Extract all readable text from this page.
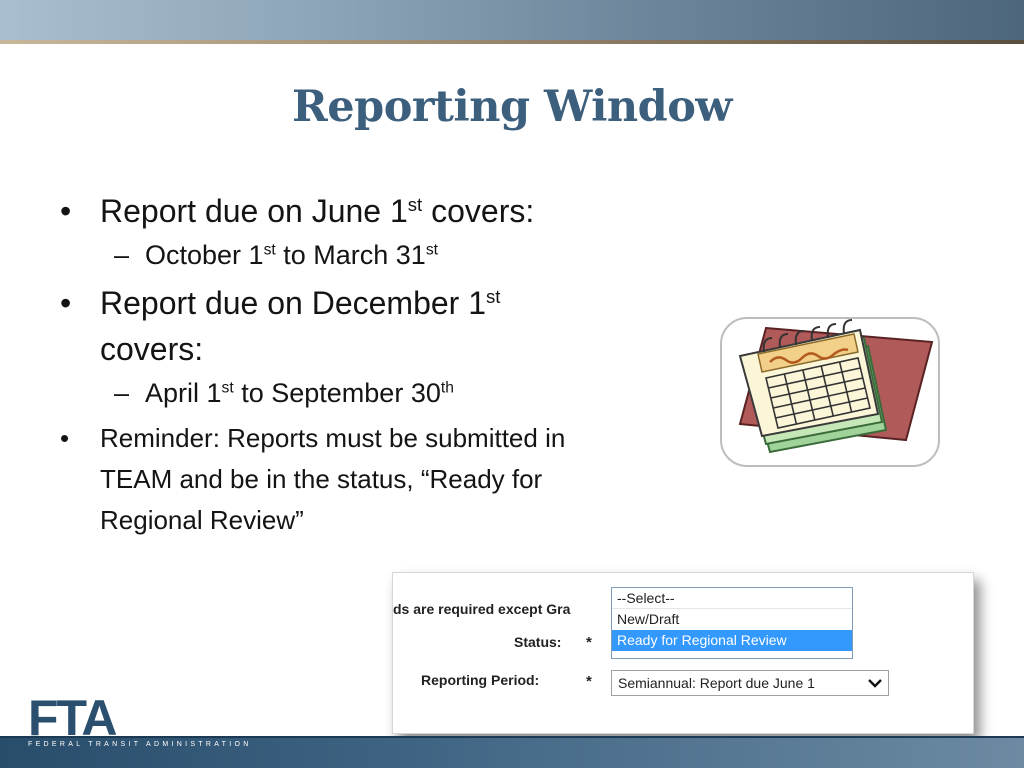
Reporting Window
• Report due on June 1st covers:
– October 1st to March 31st
• Report due on December 1st
covers:
– April 1st to September 30th
• Reminder: Reports must be submitted in TEAM and be in the status, “Ready for Regional Review”
ds are required except Gra
Status: *
--Select--
New/Draft
Ready for Regional Review
Reporting Period:	*	Semiannual: Report due June 1
FTA
FEDERAL TRANSIT ADMINISTRATION
